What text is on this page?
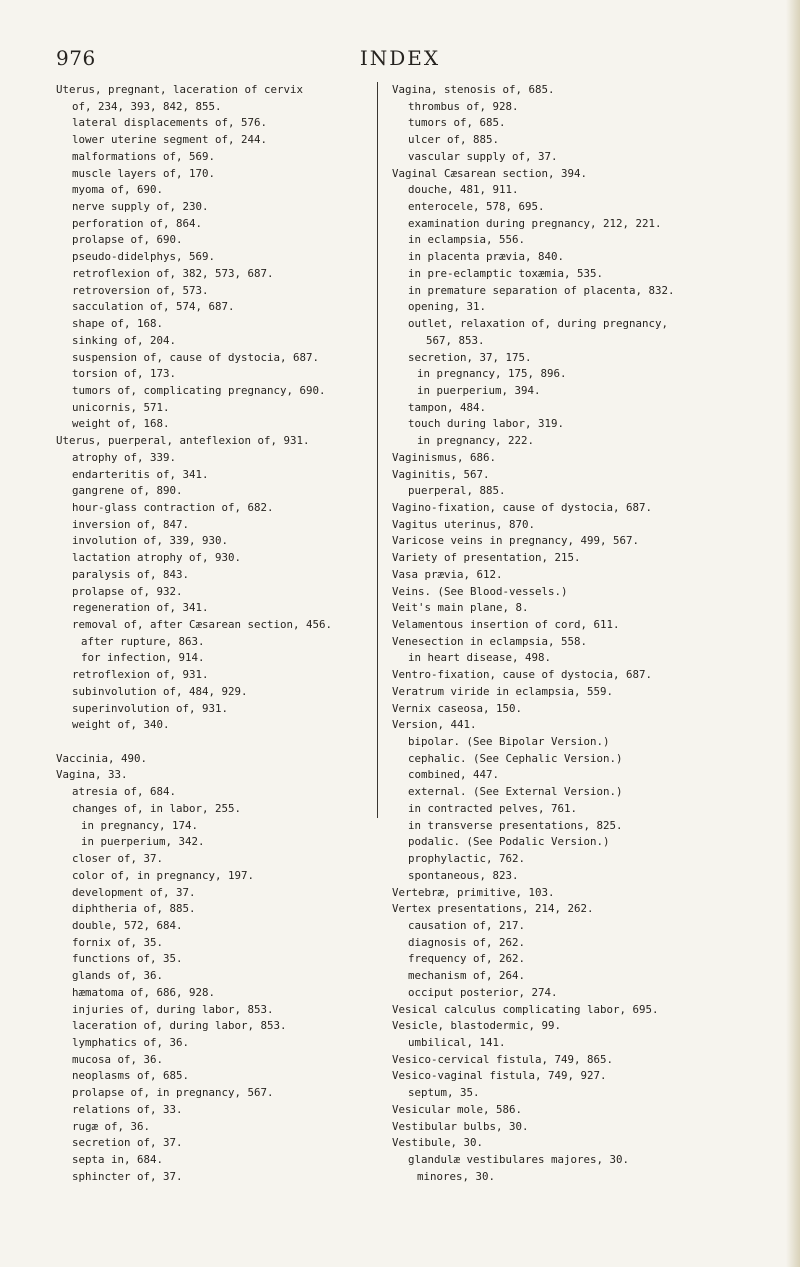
976	INDEX
Uterus, pregnant, laceration of cervix
of, 234, 393, 842, 855.
lateral displacements of, 576.
lower uterine segment of, 244.
malformations of, 569.
muscle layers of, 170.
myoma of, 690.
nerve supply of, 230.
perforation of, 864.
prolapse of, 690.
pseudo-didelphys, 569.
retroflexion of, 382, 573, 687.
retroversion of, 573.
sacculation of, 574, 687.
shape of, 168.
sinking of, 204.
suspension of, cause of dystocia, 687.
torsion of, 173.
tumors of, complicating pregnancy, 690.
unicornis, 571.
weight of, 168.
Uterus, puerperal, anteflexion of, 931.
atrophy of, 339.
endarteritis of, 341.
gangrene of, 890.
hour-glass contraction of, 682.
inversion of, 847.
involution of, 339, 930.
lactation atrophy of, 930.
paralysis of, 843.
prolapse of, 932.
regeneration of, 341.
removal of, after Cæsarean section, 456.
after rupture, 863.
for infection, 914.
retroflexion of, 931.
subinvolution of, 484, 929.
superinvolution of, 931.
weight of, 340.
Vaccinia, 490.
Vagina, 33.
atresia of, 684.
changes of, in labor, 255.
in pregnancy, 174.
in puerperium, 342.
closer of, 37.
color of, in pregnancy, 197.
development of, 37.
diphtheria of, 885.
double, 572, 684.
fornix of, 35.
functions of, 35.
glands of, 36.
hæmatoma of, 686, 928.
injuries of, during labor, 853.
laceration of, during labor, 853.
lymphatics of, 36.
mucosa of, 36.
neoplasms of, 685.
prolapse of, in pregnancy, 567.
relations of, 33.
rugæ of, 36.
secretion of, 37.
septa in, 684.
sphincter of, 37.
Vagina, stenosis of, 685.
thrombus of, 928.
tumors of, 685.
ulcer of, 885.
vascular supply of, 37.
Vaginal Cæsarean section, 394.
douche, 481, 911.
enterocele, 578, 695.
examination during pregnancy, 212, 221.
in eclampsia, 556.
in placenta prævia, 840.
in pre-eclamptic toxæmia, 535.
in premature separation of placenta, 832.
opening, 31.
outlet, relaxation of, during pregnancy,
567, 853.
secretion, 37, 175.
in pregnancy, 175, 896.
in puerperium, 394.
tampon, 484.
touch during labor, 319.
in pregnancy, 222.
Vaginismus, 686.
Vaginitis, 567.
puerperal, 885.
Vagino-fixation, cause of dystocia, 687.
Vagitus uterinus, 870.
Varicose veins in pregnancy, 499, 567.
Variety of presentation, 215.
Vasa prævia, 612.
Veins. (See Blood-vessels.)
Veit's main plane, 8.
Velamentous insertion of cord, 611.
Venesection in eclampsia, 558.
in heart disease, 498.
Ventro-fixation, cause of dystocia, 687.
Veratrum viride in eclampsia, 559.
Vernix caseosa, 150.
Version, 441.
bipolar. (See Bipolar Version.)
cephalic. (See Cephalic Version.)
combined, 447.
external. (See External Version.)
in contracted pelves, 761.
in transverse presentations, 825.
podalic. (See Podalic Version.)
prophylactic, 762.
spontaneous, 823.
Vertebræ, primitive, 103.
Vertex presentations, 214, 262.
causation of, 217.
diagnosis of, 262.
frequency of, 262.
mechanism of, 264.
occiput posterior, 274.
Vesical calculus complicating labor, 695.
Vesicle, blastodermic, 99.
umbilical, 141.
Vesico-cervical fistula, 749, 865.
Vesico-vaginal fistula, 749, 927.
septum, 35.
Vesicular mole, 586.
Vestibular bulbs, 30.
Vestibule, 30.
glandulæ vestibulares majores, 30.
minores, 30.
